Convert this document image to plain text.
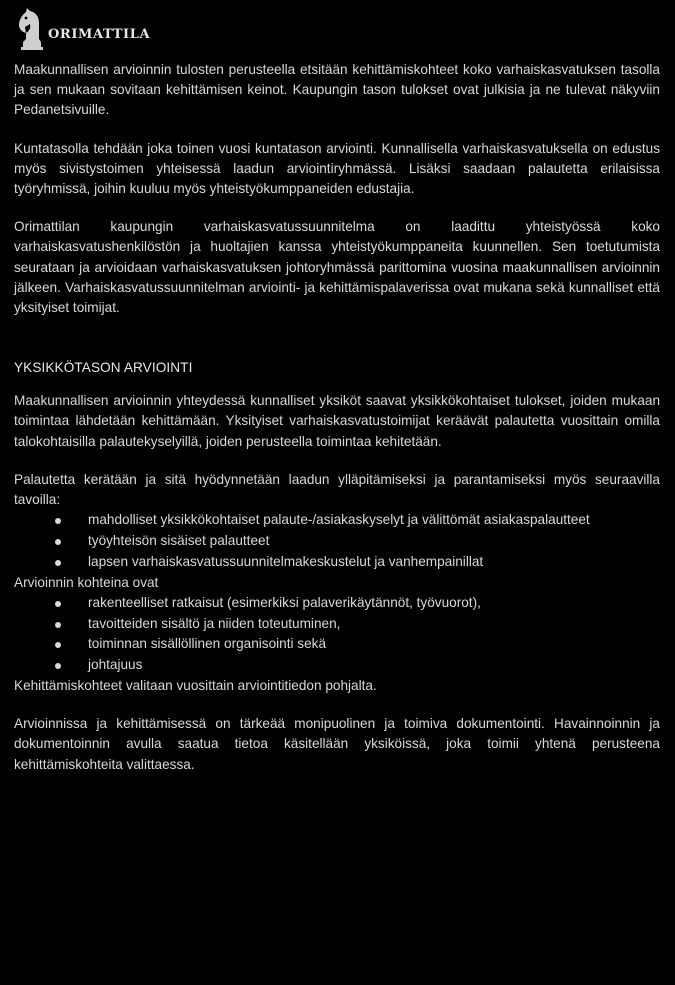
ORIMATTILA

Maakunnallisen arvioinnin tulosten perusteella etsitään kehittämiskohteet koko varhaiskasvatuksen tasolla ja sen mukaan sovitaan kehittämisen keinot. Kaupungin tason tulokset ovat julkisia ja ne tulevat näkyviin Pedanetsivuille.

Kuntatasolla tehdään joka toinen vuosi kuntatason arviointi. Kunnallisella varhaiskasvatuksella on edustus myös sivistystoimen yhteisessä laadun arviointiryhmässä. Lisäksi saadaan palautetta erilaisissa työryhmissä, joihin kuuluu myös yhteistyökumppaneiden edustajia.

Orimattilan kaupungin varhaiskasvatussuunnitelma on laadittu yhteistyössä koko varhaiskasvatushenkilöstön ja huoltajien kanssa yhteistyökumppaneita kuunnellen. Sen toetutumista seurataan ja arvioidaan varhaiskasvatuksen johtoryhmässä parittomina vuosina maakunnallisen arvioinnin jälkeen. Varhaiskasvatussuunnitelman arviointi- ja kehittämispalaverissa ovat mukana sekä kunnalliset että yksityiset toimijat.

YKSIKKÖTASON ARVIOINTI

Maakunnallisen arvioinnin yhteydessä kunnalliset yksiköt saavat yksikkökohtaiset tulokset, joiden mukaan toimintaa lähdetään kehittämään. Yksityiset varhaiskasvatustoimijat keräävät palautetta vuosittain omilla talokohtaisilla palautekyselyillä, joiden perusteella toimintaa kehitetään.

Palautetta kerätään ja sitä hyödynnetään laadun ylläpitämiseksi ja parantamiseksi myös seuraavilla tavoilla:

mahdolliset yksikkökohtaiset palaute-/asiakaskyselyt ja välittömät asiakaspalautteet
työyhteisön sisäiset palautteet
lapsen varhaiskasvatussuunnitelmakeskustelut ja vanhempainillat

Arvioinnin kohteina ovat

rakenteelliset ratkaisut (esimerkiksi palaverikäytännöt, työvuorot),
tavoitteiden sisältö ja niiden toteutuminen,
toiminnan sisällöllinen organisointi sekä
johtajuus

Kehittämiskohteet valitaan vuosittain arviointitiedon pohjalta.

Arvioinnissa ja kehittämisessä on tärkeää monipuolinen ja toimiva dokumentointi. Havainnoinnin ja dokumentoinnin avulla saatua tietoa käsitellään yksiköissä, joka toimii yhtenä perusteena kehittämiskohteita valittaessa.
